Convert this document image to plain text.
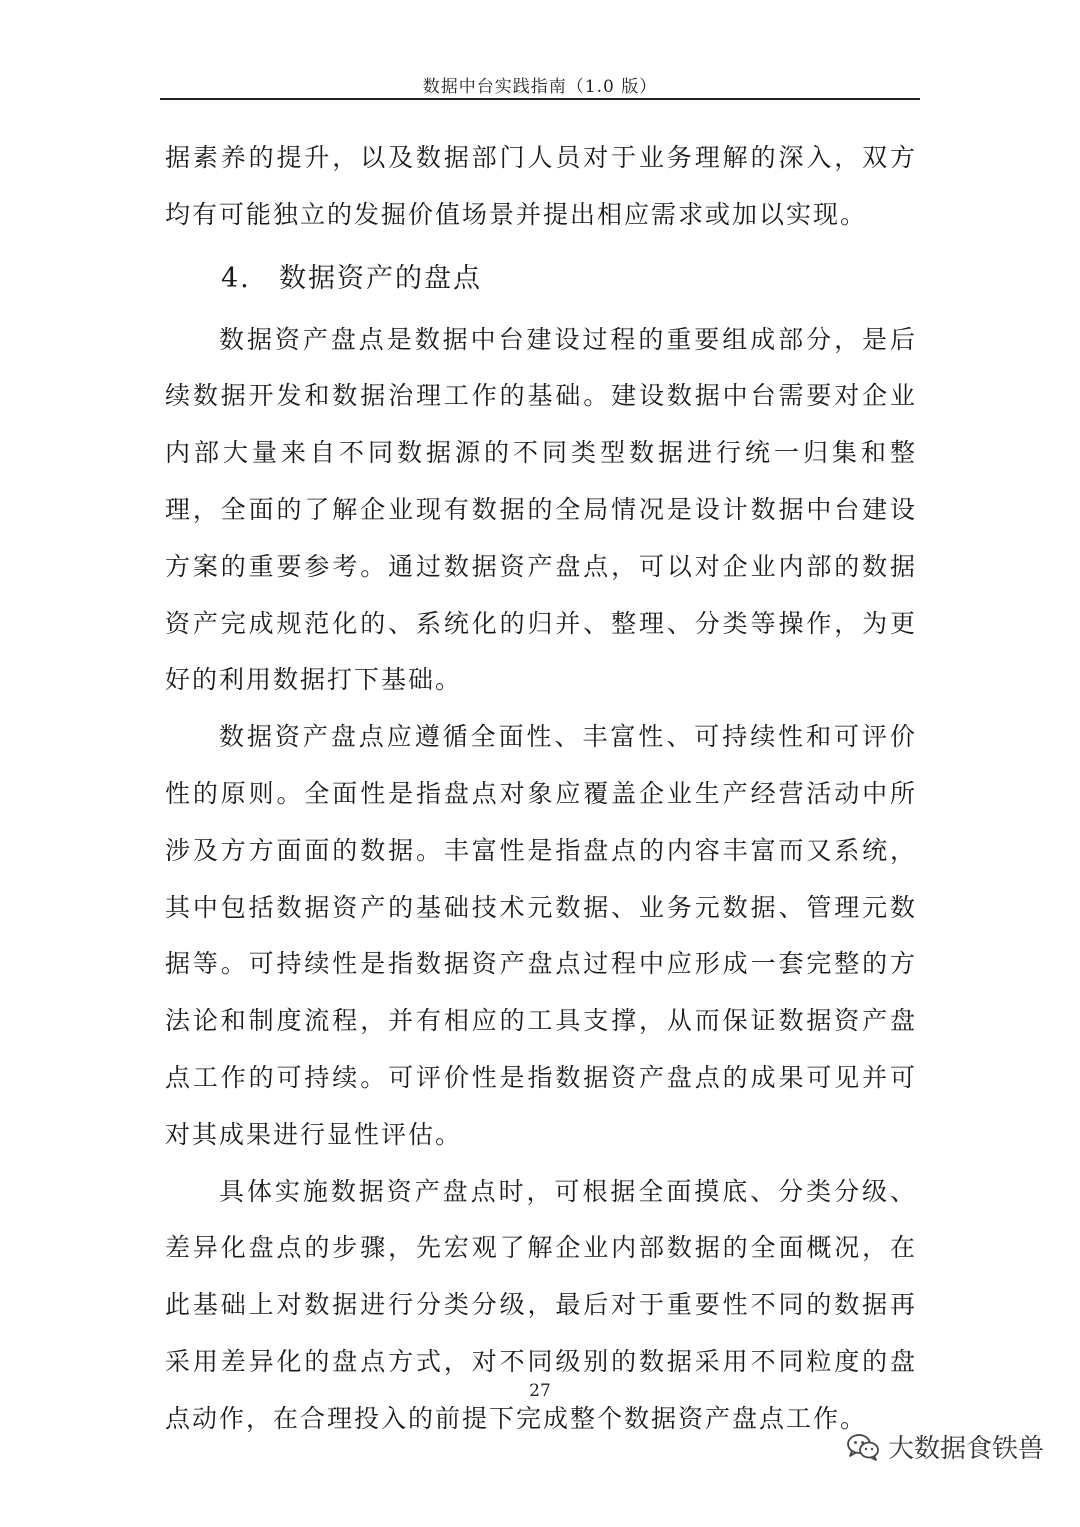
数据中台实践指南（1.0 版）

据素养的提升，以及数据部门人员对于业务理解的深入，双方均有可能独立的发掘价值场景并提出相应需求或加以实现。

4.	数据资产的盘点

数据资产盘点是数据中台建设过程的重要组成部分，是后续数据开发和数据治理工作的基础。建设数据中台需要对企业内部大量来自不同数据源的不同类型数据进行统一归集和整理，全面的了解企业现有数据的全局情况是设计数据中台建设方案的重要参考。通过数据资产盘点，可以对企业内部的数据资产完成规范化的、系统化的归并、整理、分类等操作，为更好的利用数据打下基础。

数据资产盘点应遵循全面性、丰富性、可持续性和可评价性的原则。全面性是指盘点对象应覆盖企业生产经营活动中所涉及方方面面的数据。丰富性是指盘点的内容丰富而又系统，其中包括数据资产的基础技术元数据、业务元数据、管理元数据等。可持续性是指数据资产盘点过程中应形成一套完整的方法论和制度流程，并有相应的工具支撑，从而保证数据资产盘点工作的可持续。可评价性是指数据资产盘点的成果可见并可对其成果进行显性评估。

具体实施数据资产盘点时，可根据全面摸底、分类分级、差异化盘点的步骤，先宏观了解企业内部数据的全面概况，在此基础上对数据进行分类分级，最后对于重要性不同的数据再采用差异化的盘点方式，对不同级别的数据采用不同粒度的盘点动作，在合理投入的前提下完成整个数据资产盘点工作。

27
大数据食铁兽
